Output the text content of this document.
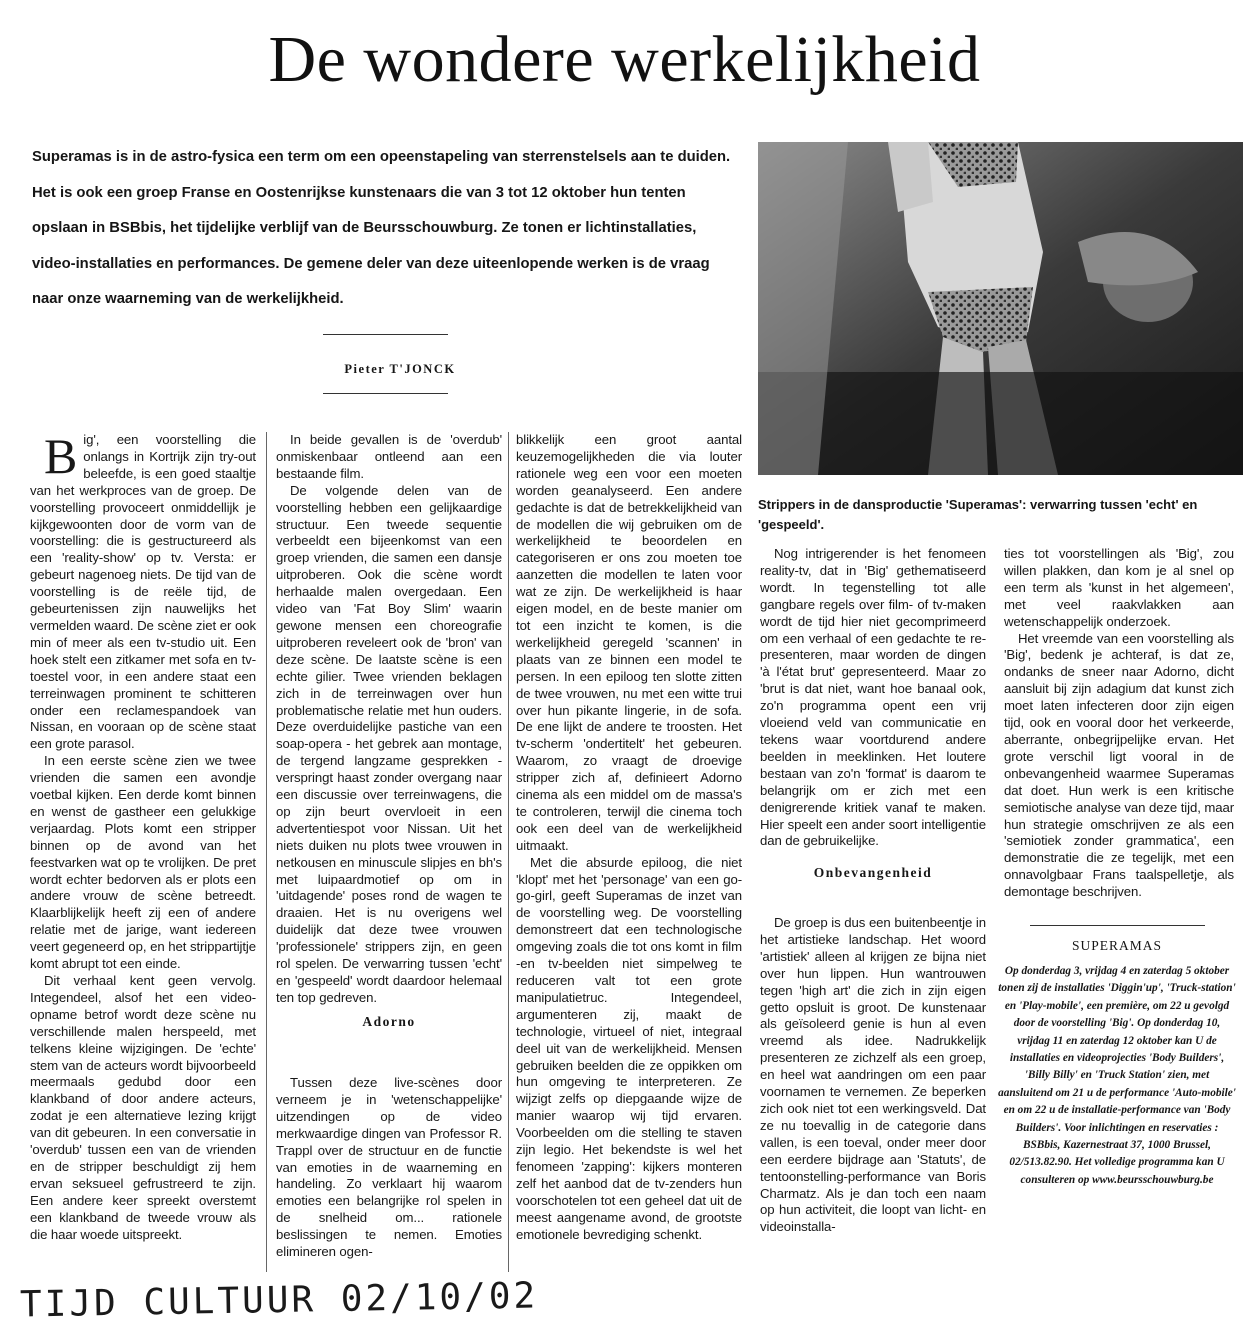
De wondere werkelijkheid
Superamas is in de astro-fysica een term om een opeenstapeling van sterrenstelsels aan te duiden. Het is ook een groep Franse en Oostenrijkse kunstenaars die van 3 tot 12 oktober hun tenten opslaan in BSBbis, het tijdelijke verblijf van de Beursschouwburg. Ze tonen er lichtinstallaties, video-installaties en performances. De gemene deler van deze uiteenlopende werken is de vraag naar onze waarneming van de werkelijkheid.
Pieter T'JONCK
Strippers in de dansproductie 'Superamas': verwarring tussen 'echt' en 'gespeeld'.
B ig', een voorstelling die onlangs in Kortrijk zijn try-out beleefde, is een goed staaltje van het werkproces van de groep. De voorstelling provoceert onmiddellijk je kijkgewoonten door de vorm van de voorstelling: die is gestructureerd als een 'reality-show' op tv. Versta: er gebeurt nagenoeg niets. De tijd van de voorstelling is de reële tijd, de gebeurtenissen zijn nauwelijks het vermelden waard. De scène ziet er ook min of meer als een tv-studio uit. Een hoek stelt een zitkamer met sofa en tv-toestel voor, in een andere staat een terreinwagen prominent te schitteren onder een reclamespandoek van Nissan, en vooraan op de scène staat een grote parasol.

In een eerste scène zien we twee vrienden die samen een avondje voetbal kijken. Een derde komt binnen en wenst de gastheer een gelukkige verjaardag. Plots komt een stripper binnen op de avond van het feestvarken wat op te vrolijken. De pret wordt echter bedorven als er plots een andere vrouw de scène betreedt. Klaarblijkelijk heeft zij een of andere relatie met de jarige, want iedereen veert gegeneerd op, en het strippartijtje komt abrupt tot een einde.

Dit verhaal kent geen vervolg. Integendeel, alsof het een video-opname betrof wordt deze scène nu verschillende malen herspeeld, met telkens kleine wijzigingen. De 'echte' stem van de acteurs wordt bijvoorbeeld meermaals gedubd door een klankband of door andere acteurs, zodat je een alternatieve lezing krijgt van dit gebeuren. In een conversatie in 'overdub' tussen een van de vrienden en de stripper beschuldigt zij hem ervan seksueel gefrustreerd te zijn. Een andere keer spreekt overstemt een klankband de tweede vrouw als die haar woede uitspreekt.

In beide gevallen is de 'overdub' onmiskenbaar ontleend aan een bestaande film.

De volgende delen van de voorstelling hebben een gelijkaardige structuur. Een tweede sequentie verbeeldt een bijeenkomst van een groep vrienden, die samen een dansje uitproberen. Ook die scène wordt herhaalde malen overgedaan. Een video van 'Fat Boy Slim' waarin gewone mensen een choreografie uitproberen reveleert ook de 'bron' van deze scène. De laatste scène is een echte gilier. Twee vrienden beklagen zich in de terreinwagen over hun problematische relatie met hun ouders. Deze overduidelijke pastiche van een soap-opera - het gebrek aan montage, de tergend langzame gesprekken - verspringt haast zonder overgang naar een discussie over terreinwagens, die op zijn beurt overvloeit in een advertentiespot voor Nissan. Uit het niets duiken nu plots twee vrouwen in netkousen en minuscule slipjes en bh's met luipaardmotief op om in 'uitdagende' poses rond de wagen te draaien. Het is nu overigens wel duidelijk dat deze twee vrouwen 'professionele' strippers zijn, en geen rol spelen. De verwarring tussen 'echt' en 'gespeeld' wordt daardoor helemaal ten top gedreven.

Adorno

Tussen deze live-scènes door verneem je in 'wetenschappelijke' uitzendingen op de video merkwaardige dingen van Professor R. Trappl over de structuur en de functie van emoties in de waarneming en handeling. Zo verklaart hij waarom emoties een belangrijke rol spelen in de snelheid om... rationele beslissingen te nemen. Emoties elimineren ogen-

blikkelijk een groot aantal keuzemogelijkheden die via louter rationele weg een voor een moeten worden geanalyseerd. Een andere gedachte is dat de betrekkelijkheid van de modellen die wij gebruiken om de werkelijkheid te beoordelen en categoriseren er ons zou moeten toe aanzetten die modellen te laten voor wat ze zijn. De werkelijkheid is haar eigen model, en de beste manier om tot een inzicht te komen, is die werkelijkheid geregeld 'scannen' in plaats van ze binnen een model te persen. In een epiloog ten slotte zitten de twee vrouwen, nu met een witte trui over hun pikante lingerie, in de sofa. De ene lijkt de andere te troosten. Het tv-scherm 'ondertitelt' het gebeuren. Waarom, zo vraagt de droevige stripper zich af, definieert Adorno cinema als een middel om de massa's te controleren, terwijl die cinema toch ook een deel van de werkelijkheid uitmaakt.

Met die absurde epiloog, die niet 'klopt' met het 'personage' van een go-go-girl, geeft Superamas de inzet van de voorstelling weg. De voorstelling demonstreert dat een technologische omgeving zoals die tot ons komt in film -en tv-beelden niet simpelweg te reduceren valt tot een grote manipulatietruc. Integendeel, argumenteren zij, maakt de technologie, virtueel of niet, integraal deel uit van de werkelijkheid. Mensen gebruiken beelden die ze oppikken om hun omgeving te interpreteren. Ze wijzigt zelfs op diepgaande wijze de manier waarop wij tijd ervaren. Voorbeelden om die stelling te staven zijn legio. Het bekendste is wel het fenomeen 'zapping': kijkers monteren zelf het aanbod dat de tv-zenders hun voorschotelen tot een geheel dat uit de meest aangename avond, de grootste emotionele bevrediging schenkt.

Nog intrigerender is het fenomeen reality-tv, dat in 'Big' gethematiseerd wordt. In tegenstelling tot alle gangbare regels over film- of tv-maken wordt de tijd hier niet gecomprimeerd om een verhaal of een gedachte te re-presenteren, maar worden de dingen 'à l'état brut' gepresenteerd. Maar zo 'brut is dat niet, want hoe banaal ook, zo'n programma opent een vrij vloeiend veld van communicatie en tekens waar voortdurend andere beelden in meeklinken. Het loutere bestaan van zo'n 'format' is daarom te belangrijk om er zich met een denigrerende kritiek vanaf te maken. Hier speelt een ander soort intelligentie dan de gebruikelijke.

Onbevangenheid

De groep is dus een buitenbeentje in het artistieke landschap. Het woord 'artistiek' alleen al krijgen ze bijna niet over hun lippen. Hun wantrouwen tegen 'high art' die zich in zijn eigen getto opsluit is groot. De kunstenaar als geïsoleerd genie is hun al even vreemd als idee. Nadrukkelijk presenteren ze zichzelf als een groep, en heel wat aandringen om een paar voornamen te vernemen. Ze beperken zich ook niet tot een werkingsveld. Dat ze nu toevallig in de categorie dans vallen, is een toeval, onder meer door een eerdere bijdrage aan 'Statuts', de tentoonstelling-performance van Boris Charmatz. Als je dan toch een naam op hun activiteit, die loopt van licht- en videoinstalla-

ties tot voorstellingen als 'Big', zou willen plakken, dan kom je al snel op een term als 'kunst in het algemeen', met veel raakvlakken aan wetenschappelijk onderzoek.

Het vreemde van een voorstelling als 'Big', bedenk je achteraf, is dat ze, ondanks de sneer naar Adorno, dicht aansluit bij zijn adagium dat kunst zich moet laten infecteren door zijn eigen tijd, ook en vooral door het verkeerde, aberrante, onbegrijpelijke ervan. Het grote verschil ligt vooral in de onbevangenheid waarmee Superamas dat doet. Hun werk is een kritische semiotische analyse van deze tijd, maar hun strategie omschrijven ze als een 'semiotiek zonder grammatica', een demonstratie die ze tegelijk, met een onnavolgbaar Frans taalspelletje, als demontage beschrijven.

SUPERAMAS
Op donderdag 3, vrijdag 4 en zaterdag 5 oktober tonen zij de installaties 'Diggin'up', 'Truck-station' en 'Play-mobile', een première, om 22 u gevolgd door de voorstelling 'Big'. Op donderdag 10, vrijdag 11 en zaterdag 12 oktober kan U de installaties en videoprojecties 'Body Builders', 'Billy Billy' en 'Truck Station' zien, met aansluitend om 21 u de performance 'Auto-mobile' en om 22 u de installatie-performance van 'Body Builders'. Voor inlichtingen en reservaties : BSBbis, Kazernestraat 37, 1000 Brussel, 02/513.82.90. Het volledige programma kan U consulteren op www.beursschouwburg.be
TIJD CULTUUR 02/10/02
